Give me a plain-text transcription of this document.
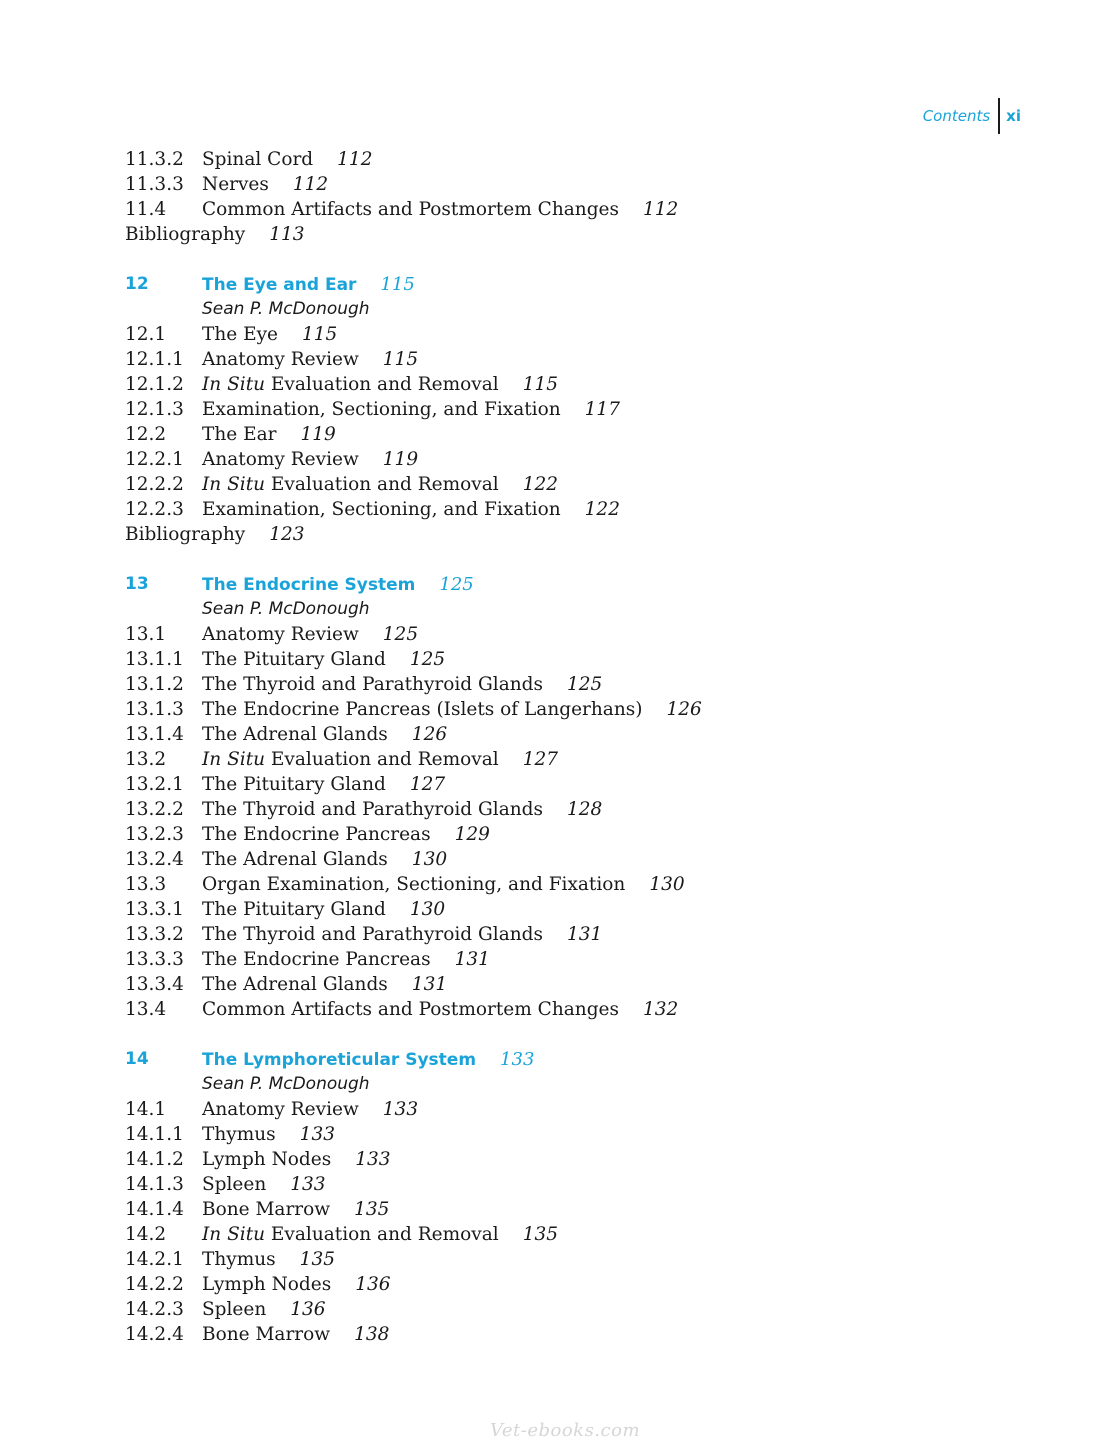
Contents	xi
11.3.2 Spinal Cord 112
11.3.3 Nerves 112
11.4 Common Artifacts and Postmortem Changes 112
Bibliography 113
12	The Eye and Ear 115
Sean P. McDonough
12.1 The Eye 115
12.1.1 Anatomy Review 115
12.1.2 In Situ Evaluation and Removal 115
12.1.3 Examination, Sectioning, and Fixation 117
12.2 The Ear 119
12.2.1 Anatomy Review 119
12.2.2 In Situ Evaluation and Removal 122
12.2.3 Examination, Sectioning, and Fixation 122
Bibliography 123
13	The Endocrine System 125
Sean P. McDonough
13.1 Anatomy Review 125
13.1.1 The Pituitary Gland 125
13.1.2 The Thyroid and Parathyroid Glands 125
13.1.3 The Endocrine Pancreas (Islets of Langerhans) 126
13.1.4 The Adrenal Glands 126
13.2 In Situ Evaluation and Removal 127
13.2.1 The Pituitary Gland 127
13.2.2 The Thyroid and Parathyroid Glands 128
13.2.3 The Endocrine Pancreas 129
13.2.4 The Adrenal Glands 130
13.3 Organ Examination, Sectioning, and Fixation 130
13.3.1 The Pituitary Gland 130
13.3.2 The Thyroid and Parathyroid Glands 131
13.3.3 The Endocrine Pancreas 131
13.3.4 The Adrenal Glands 131
13.4 Common Artifacts and Postmortem Changes 132
14	The Lymphoreticular System 133
Sean P. McDonough
14.1 Anatomy Review 133
14.1.1 Thymus 133
14.1.2 Lymph Nodes 133
14.1.3 Spleen 133
14.1.4 Bone Marrow 135
14.2 In Situ Evaluation and Removal 135
14.2.1 Thymus 135
14.2.2 Lymph Nodes 136
14.2.3 Spleen 136
14.2.4 Bone Marrow 138
Vet-ebooks.com
